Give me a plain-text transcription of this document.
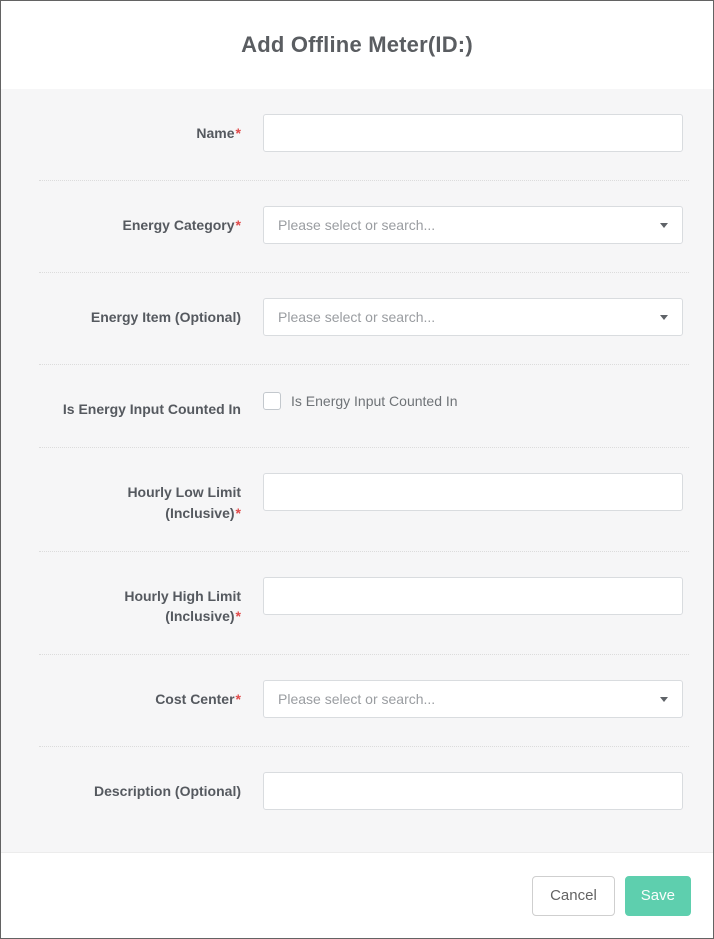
Add Offline Meter(ID:)
Name*
Energy Category*	Please select or search...
Energy Item (Optional)	Please select or search...
Is Energy Input Counted In	Is Energy Input Counted In
Hourly Low Limit (Inclusive)*
Hourly High Limit (Inclusive)*
Cost Center*	Please select or search...
Description (Optional)
Cancel	Save
